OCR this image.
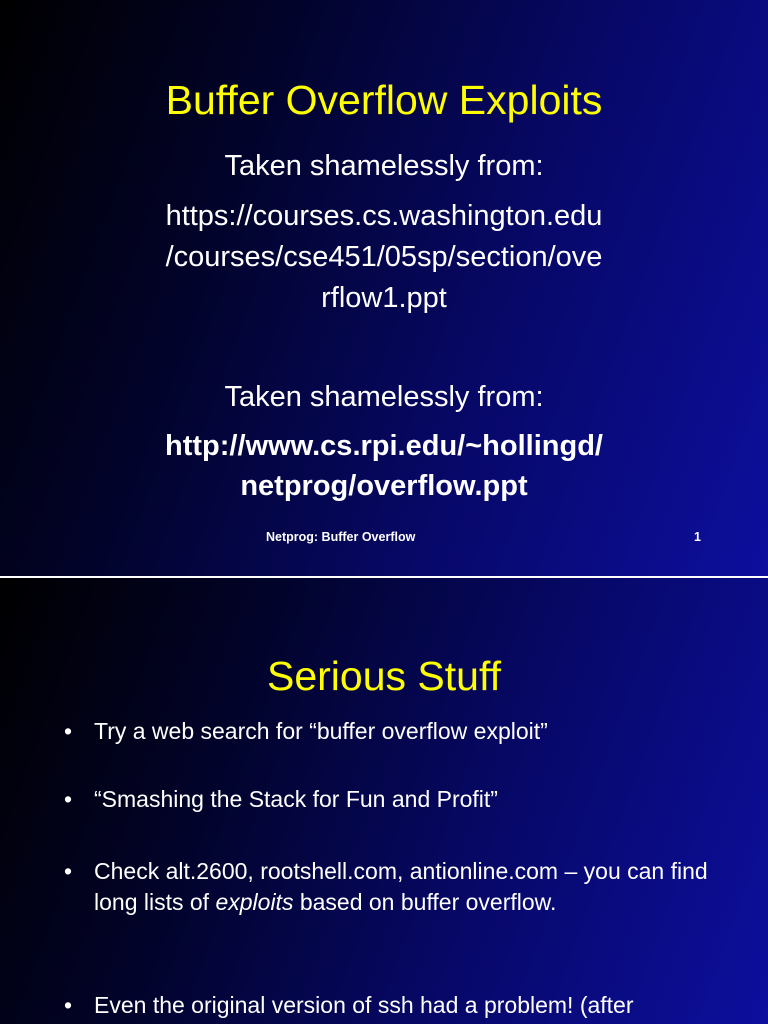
Buffer Overflow Exploits
Taken shamelessly from:
https://courses.cs.washington.edu
/courses/cse451/05sp/section/ove
rflow1.ppt
Taken shamelessly from:
http://www.cs.rpi.edu/~hollingd/
netprog/overflow.ppt
Netprog: Buffer Overflow	1
Serious Stuff
• Try a web search for “buffer overflow exploit”
• “Smashing the Stack for Fun and Profit”
• Check alt.2600, rootshell.com, antionline.com – you can find long lists of exploits based on buffer overflow.
• Even the original version of ssh had a problem! (after
